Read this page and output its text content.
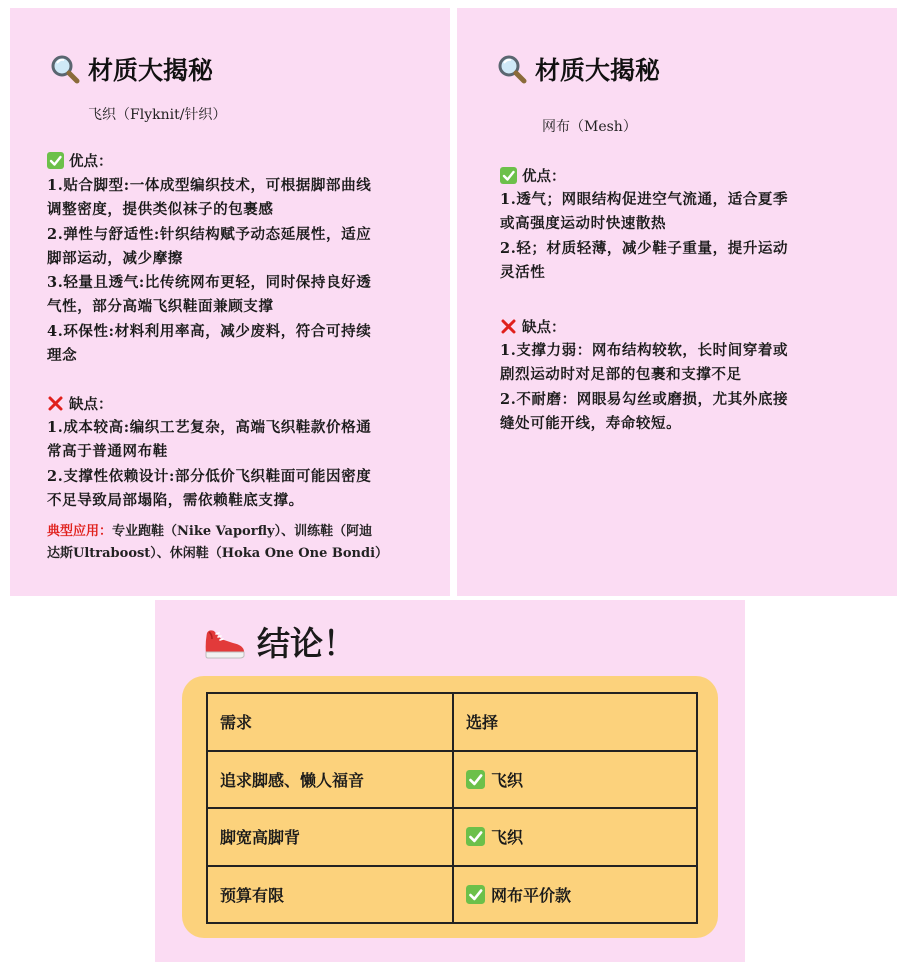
材质大揭秘
飞织（Flyknit/针织）
优点：

1.贴合脚型:一体成型编织技术，可根据脚部曲线

调整密度，提供类似袜子的包裹感

2.弹性与舒适性:针织结构赋予动态延展性，适应

脚部运动，减少摩擦

3.轻量且透气:比传统网布更轻，同时保持良好透

气性，部分高端飞织鞋面兼顾支撑

4.环保性:材料利用率高，减少废料，符合可持续

理念

缺点：

1.成本较高:编织工艺复杂，高端飞织鞋款价格通

常高于普通网布鞋

2.支撑性依赖设计:部分低价飞织鞋面可能因密度

不足导致局部塌陷，需依赖鞋底支撑。

典型应用：专业跑鞋（Nike Vaporfly）、训练鞋（阿迪
达斯Ultraboost）、休闲鞋（Hoka One One Bondi）
材质大揭秘
网布（Mesh）
优点：

1.透气；网眼结构促进空气流通，适合夏季

或高强度运动时快速散热

2.轻；材质轻薄，减少鞋子重量，提升运动

灵活性

缺点：

1.支撑力弱：网布结构较软，长时间穿着或

剧烈运动时对足部的包裹和支撑不足

2.不耐磨：网眼易勾丝或磨损，尤其外底接

缝处可能开线，寿命较短。

结论！
需求	选择
追求脚感、懒人福音	飞织

脚宽高脚背	飞织

预算有限	网布平价款
